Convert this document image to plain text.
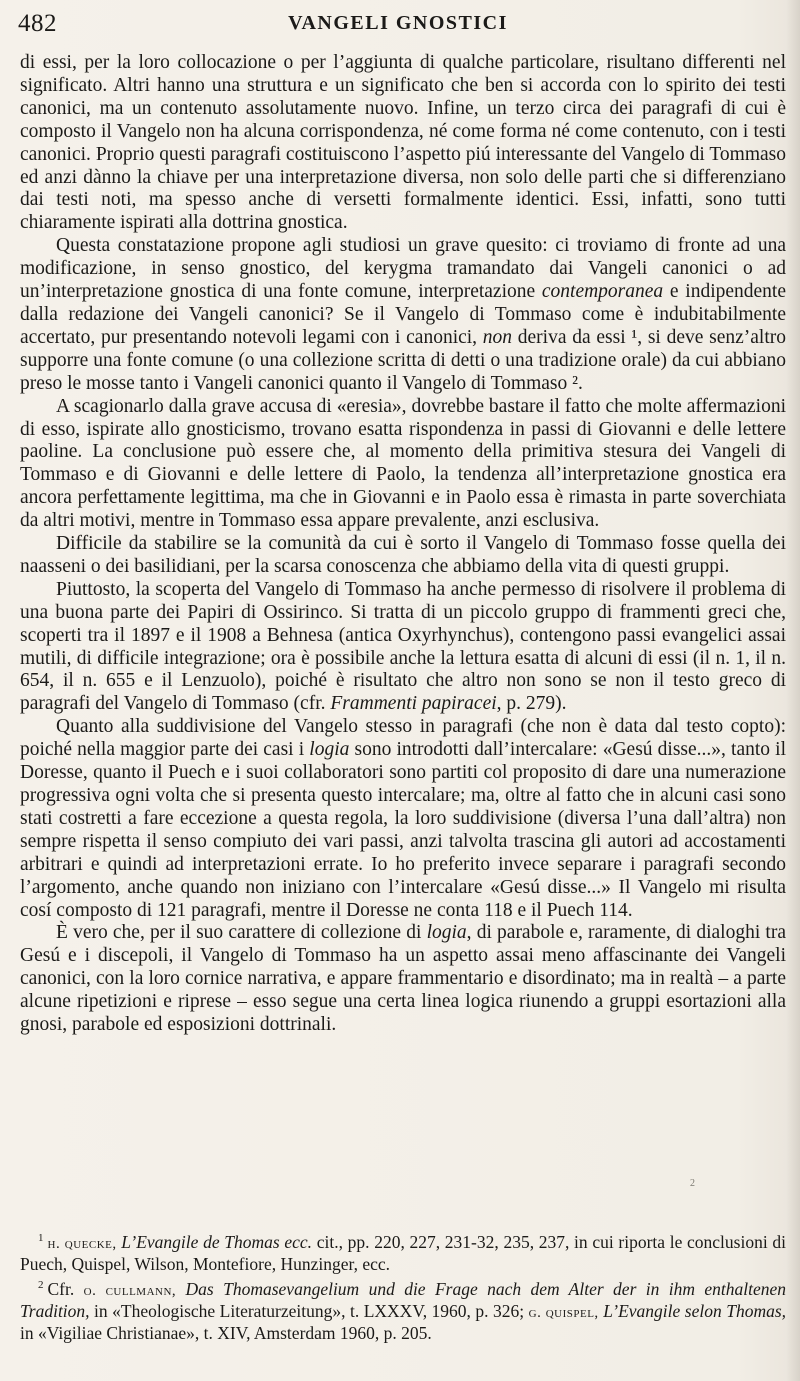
482	VANGELI GNOSTICI

di essi, per la loro collocazione o per l’aggiunta di qualche particolare, risultano differenti nel significato. Altri hanno una struttura e un significato che ben si accorda con lo spirito dei testi canonici, ma un contenuto assolutamente nuovo. Infine, un terzo circa dei paragrafi di cui è composto il Vangelo non ha alcuna corrispondenza, né come forma né come contenuto, con i testi canonici. Proprio questi paragrafi costituiscono l’aspetto piú interessante del Vangelo di Tommaso ed anzi dànno la chiave per una interpretazione diversa, non solo delle parti che si differenziano dai testi noti, ma spesso anche di versetti formalmente identici. Essi, infatti, sono tutti chiaramente ispirati alla dottrina gnostica.

Questa constatazione propone agli studiosi un grave quesito: ci troviamo di fronte ad una modificazione, in senso gnostico, del kerygma tramandato dai Vangeli canonici o ad un’interpretazione gnostica di una fonte comune, interpretazione contemporanea e indipendente dalla redazione dei Vangeli canonici? Se il Vangelo di Tommaso come è indubitabilmente accertato, pur presentando notevoli legami con i canonici, non deriva da essi ¹, si deve senz’altro supporre una fonte comune (o una collezione scritta di detti o una tradizione orale) da cui abbiano preso le mosse tanto i Vangeli canonici quanto il Vangelo di Tommaso ².

A scagionarlo dalla grave accusa di «eresia», dovrebbe bastare il fatto che molte affermazioni di esso, ispirate allo gnosticismo, trovano esatta rispondenza in passi di Giovanni e delle lettere paoline. La conclusione può essere che, al momento della primitiva stesura dei Vangeli di Tommaso e di Giovanni e delle lettere di Paolo, la tendenza all’interpretazione gnostica era ancora perfettamente legittima, ma che in Giovanni e in Paolo essa è rimasta in parte soverchiata da altri motivi, mentre in Tommaso essa appare prevalente, anzi esclusiva.

Difficile da stabilire se la comunità da cui è sorto il Vangelo di Tommaso fosse quella dei naasseni o dei basilidiani, per la scarsa conoscenza che abbiamo della vita di questi gruppi.

Piuttosto, la scoperta del Vangelo di Tommaso ha anche permesso di risolvere il problema di una buona parte dei Papiri di Ossirinco. Si tratta di un piccolo gruppo di frammenti greci che, scoperti tra il 1897 e il 1908 a Behnesa (antica Oxyrhynchus), contengono passi evangelici assai mutili, di difficile integrazione; ora è possibile anche la lettura esatta di alcuni di essi (il n. 1, il n. 654, il n. 655 e il Lenzuolo), poiché è risultato che altro non sono se non il testo greco di paragrafi del Vangelo di Tommaso (cfr. Frammenti papiracei, p. 279).

Quanto alla suddivisione del Vangelo stesso in paragrafi (che non è data dal testo copto): poiché nella maggior parte dei casi i logia sono introdotti dall’intercalare: «Gesú disse...», tanto il Doresse, quanto il Puech e i suoi collaboratori sono partiti col proposito di dare una numerazione progressiva ogni volta che si presenta questo intercalare; ma, oltre al fatto che in alcuni casi sono stati costretti a fare eccezione a questa regola, la loro suddivisione (diversa l’una dall’altra) non sempre rispetta il senso compiuto dei vari passi, anzi talvolta trascina gli autori ad accostamenti arbitrari e quindi ad interpretazioni errate. Io ho preferito invece separare i paragrafi secondo l’argomento, anche quando non iniziano con l’intercalare «Gesú disse...» Il Vangelo mi risulta cosí composto di 121 paragrafi, mentre il Doresse ne conta 118 e il Puech 114.

È vero che, per il suo carattere di collezione di logia, di parabole e, raramente, di dialoghi tra Gesú e i discepoli, il Vangelo di Tommaso ha un aspetto assai meno affascinante dei Vangeli canonici, con la loro cornice narrativa, e appare frammentario e disordinato; ma in realtà – a parte alcune ripetizioni e riprese – esso segue una certa linea logica riunendo a gruppi esortazioni alla gnosi, parabole ed esposizioni dottrinali.

2

$^1$ h. quecke, L’Evangile de Thomas ecc. cit., pp. 220, 227, 231-32, 235, 237, in cui riporta le conclusioni di Puech, Quispel, Wilson, Montefiore, Hunzinger, ecc.

$^2$ Cfr. o. cullmann, Das Thomasevangelium und die Frage nach dem Alter der in ihm enthaltenen Tradition, in «Theologische Literaturzeitung», t. LXXXV, 1960, p. 326; g. quispel, L’Evangile selon Thomas, in «Vigiliae Christianae», t. XIV, Amsterdam 1960, p. 205.
